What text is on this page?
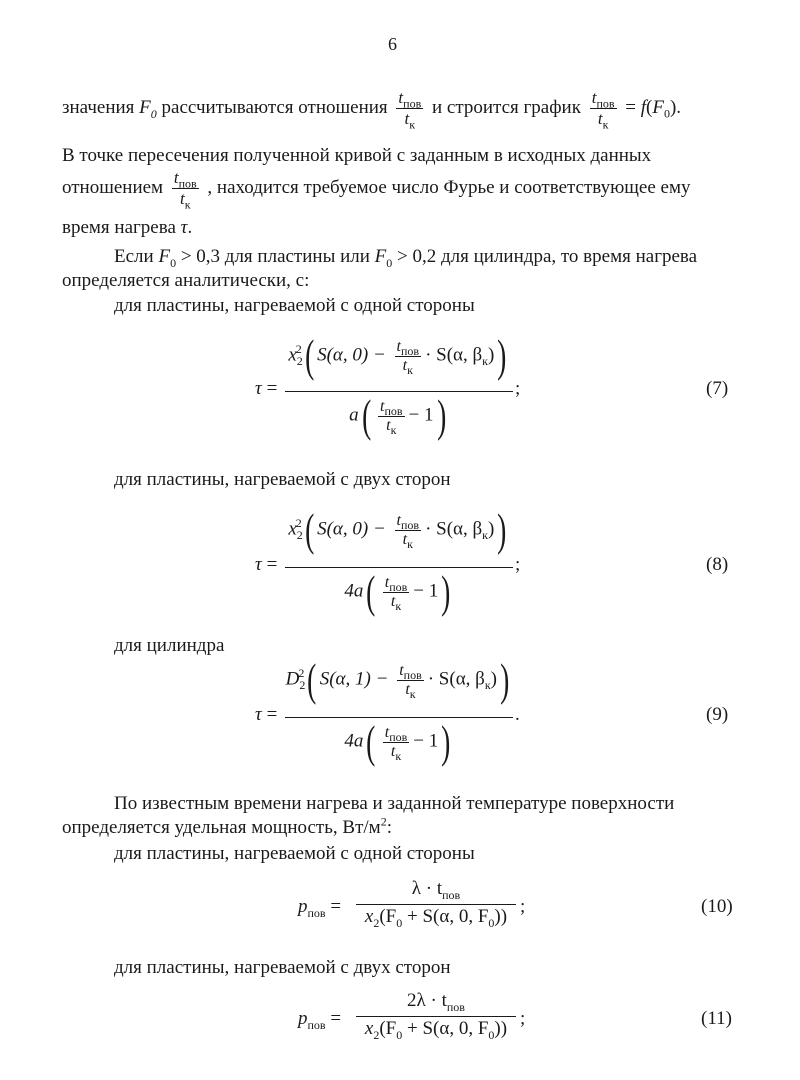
6
значения $F_0$ рассчитываются отношения $\frac{t_{пов}}{t_к}$ и строится график $\frac{t_{пов}}{t_к} = f(F_0)$.
В точке пересечения полученной кривой с заданным в исходных данных
отношением $\frac{t_{пов}}{t_к}$ , находится требуемое число Фурье и соответствующее ему
время нагрева τ.
Если $F_0 > 0,3$ для пластины или $F_0 > 0,2$ для цилиндра, то время нагрева
определяется аналитически, с:
для пластины, нагреваемой с одной стороны
τ =
$x_2^2$( S(α, $0) - \frac{t_{пов}}{t_к} \cdot S(\alpha$, $\beta_к$))
;
$a( \frac{t_{пов}}{t_к} - 1)$
(7)
для пластины, нагреваемой с двух сторон
τ =
$x_2^2$( S(α, $0) - \frac{t_{пов}}{t_к} \cdot S(\alpha$, $\beta_к$))
;
$4a( \frac{t_{пов}}{t_к} - 1)$
(8)
для цилиндра
τ =
$D_2^2$( S(α, $1) - \frac{t_{пов}}{t_к} \cdot S(\alpha$, $\beta_к$))
.
$4a( \frac{t_{пов}}{t_к} - 1)$
(9)
По известным времени нагрева и заданной температуре поверхности
определяется удельная мощность, $Вт/м^2$:
для пластины, нагреваемой с одной стороны
$p_{пов}$ =
$\lambda \cdot t_{пов}$
$x_2(F_0 + S(\alpha$, 0, $F_0$)) ;	(10)
для пластины, нагреваемой с двух сторон
$p_{пов}$ =
$2\lambda \cdot t_{пов}$
$x_2(F_0 + S(\alpha$, 0, $F_0$)) ;	(11)
